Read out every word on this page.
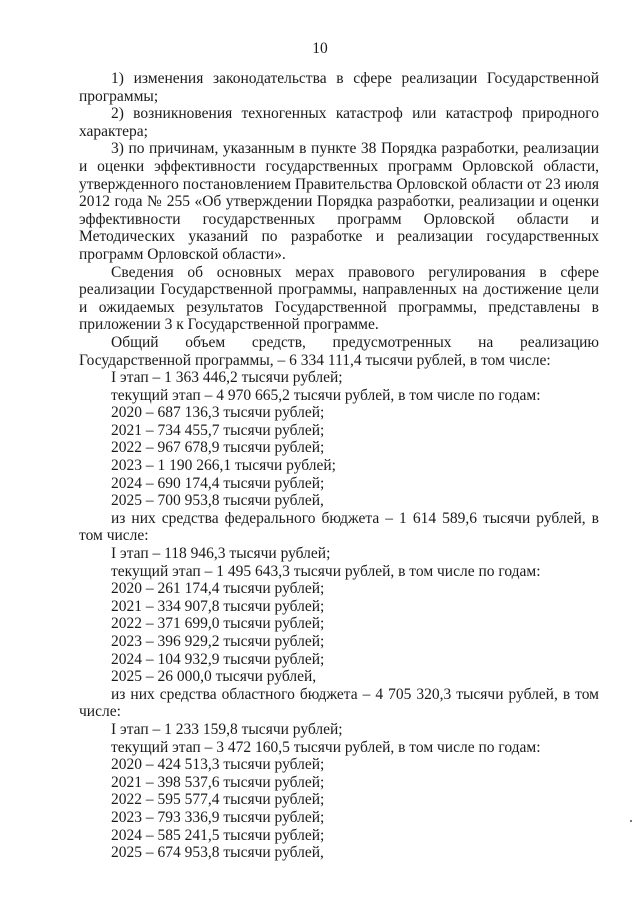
10

1) изменения законодательства в сфере реализации Государственной программы;

2) возникновения техногенных катастроф или катастроф природного характера;

3) по причинам, указанным в пункте 38 Порядка разработки, реализации и оценки эффективности государственных программ Орловской области, утвержденного постановлением Правительства Орловской области от 23 июля 2012 года № 255 «Об утверждении Порядка разработки, реализации и оценки эффективности государственных программ Орловской области и Методических указаний по разработке и реализации государственных программ Орловской области».

Сведения об основных мерах правового регулирования в сфере реализации Государственной программы, направленных на достижение цели и ожидаемых результатов Государственной программы, представлены в приложении 3 к Государственной программе.

Общий объем средств, предусмотренных на реализацию Государственной программы, – 6 334 111,4 тысячи рублей, в том числе:

I этап – 1 363 446,2 тысячи рублей;

текущий этап – 4 970 665,2 тысячи рублей, в том числе по годам:

2020 – 687 136,3 тысячи рублей;

2021 – 734 455,7 тысячи рублей;

2022 – 967 678,9 тысячи рублей;

2023 – 1 190 266,1 тысячи рублей;

2024 – 690 174,4 тысячи рублей;

2025 – 700 953,8 тысячи рублей,

из них средства федерального бюджета – 1 614 589,6 тысячи рублей, в том числе:

I этап – 118 946,3 тысячи рублей;

текущий этап – 1 495 643,3 тысячи рублей, в том числе по годам:

2020 – 261 174,4 тысячи рублей;

2021 – 334 907,8 тысячи рублей;

2022 – 371 699,0 тысячи рублей;

2023 – 396 929,2 тысячи рублей;

2024 – 104 932,9 тысячи рублей;

2025 – 26 000,0 тысячи рублей,

из них средства областного бюджета – 4 705 320,3 тысячи рублей, в том числе:

I этап – 1 233 159,8 тысячи рублей;

текущий этап – 3 472 160,5 тысячи рублей, в том числе по годам:

2020 – 424 513,3 тысячи рублей;

2021 – 398 537,6 тысячи рублей;

2022 – 595 577,4 тысячи рублей;

2023 – 793 336,9 тысячи рублей;

2024 – 585 241,5 тысячи рублей;

2025 – 674 953,8 тысячи рублей,
